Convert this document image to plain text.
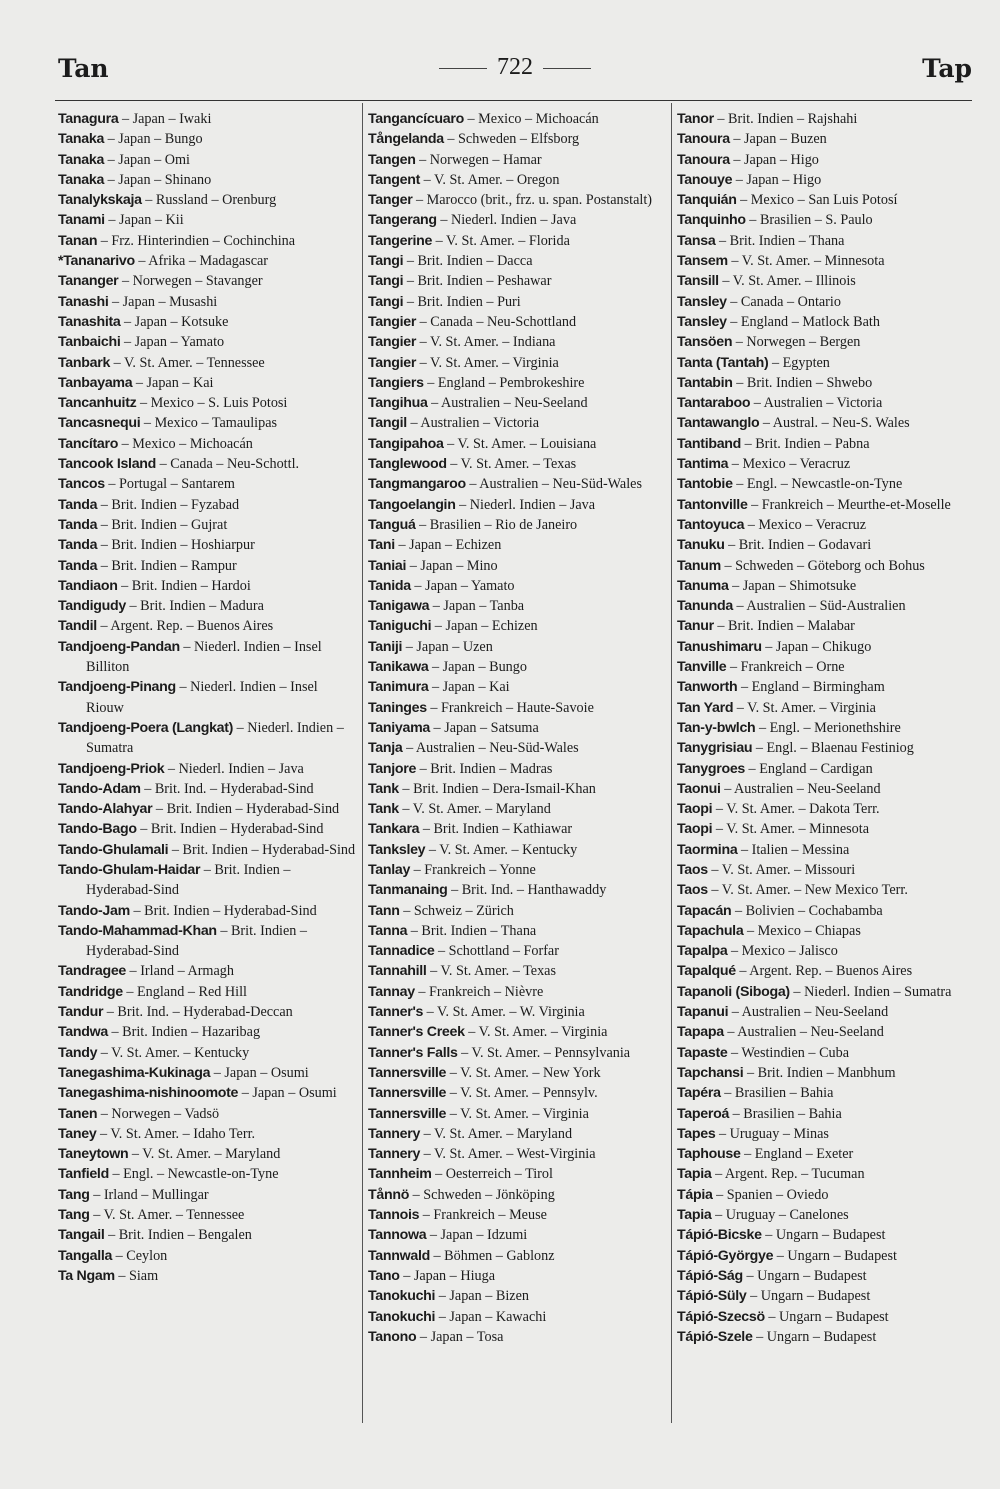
Tan	722	Tap
Tanagura – Japan – Iwaki
Tanaka – Japan – Bungo
Tanaka – Japan – Omi
Tanaka – Japan – Shinano
Tanalykskaja – Russland – Orenburg
Tanami – Japan – Kii
Tanan – Frz. Hinterindien – Cochinchina
*Tananarivo – Afrika – Madagascar
Tananger – Norwegen – Stavanger
Tanashi – Japan – Musashi
Tanashita – Japan – Kotsuke
Tanbaichi – Japan – Yamato
Tanbark – V. St. Amer. – Tennessee
Tanbayama – Japan – Kai
Tancanhuitz – Mexico – S. Luis Potosi
Tancasnequi – Mexico – Tamaulipas
Tancítaro – Mexico – Michoacán
Tancook Island – Canada – Neu-Schottl.
Tancos – Portugal – Santarem
Tanda – Brit. Indien – Fyzabad
Tanda – Brit. Indien – Gujrat
Tanda – Brit. Indien – Hoshiarpur
Tanda – Brit. Indien – Rampur
Tandiaon – Brit. Indien – Hardoi
Tandigudy – Brit. Indien – Madura
Tandil – Argent. Rep. – Buenos Aires
Tandjoeng-Pandan – Niederl. Indien – Insel Billiton
Tandjoeng-Pinang – Niederl. Indien – Insel Riouw
Tandjoeng-Poera (Langkat) – Niederl. Indien – Sumatra
Tandjoeng-Priok – Niederl. Indien – Java
Tando-Adam – Brit. Ind. – Hyderabad-Sind
Tando-Alahyar – Brit. Indien – Hyderabad-Sind
Tando-Bago – Brit. Indien – Hyderabad-Sind
Tando-Ghulamali – Brit. Indien – Hyderabad-Sind
Tando-Ghulam-Haidar – Brit. Indien – Hyderabad-Sind
Tando-Jam – Brit. Indien – Hyderabad-Sind
Tando-Mahammad-Khan – Brit. Indien – Hyderabad-Sind
Tandragee – Irland – Armagh
Tandridge – England – Red Hill
Tandur – Brit. Ind. – Hyderabad-Deccan
Tandwa – Brit. Indien – Hazaribag
Tandy – V. St. Amer. – Kentucky
Tanegashima-Kukinaga – Japan – Osumi
Tanegashima-nishinoomote – Japan – Osumi
Tanen – Norwegen – Vadsö
Taney – V. St. Amer. – Idaho Terr.
Taneytown – V. St. Amer. – Maryland
Tanfield – Engl. – Newcastle-on-Tyne
Tang – Irland – Mullingar
Tang – V. St. Amer. – Tennessee
Tangail – Brit. Indien – Bengalen
Tangalla – Ceylon
Ta Ngam – Siam
Tangancícuaro – Mexico – Michoacán
Tångelanda – Schweden – Elfsborg
Tangen – Norwegen – Hamar
Tangent – V. St. Amer. – Oregon
Tanger – Marocco (brit., frz. u. span. Postanstalt)
Tangerang – Niederl. Indien – Java
Tangerine – V. St. Amer. – Florida
Tangi – Brit. Indien – Dacca
Tangi – Brit. Indien – Peshawar
Tangi – Brit. Indien – Puri
Tangier – Canada – Neu-Schottland
Tangier – V. St. Amer. – Indiana
Tangier – V. St. Amer. – Virginia
Tangiers – England – Pembrokeshire
Tangihua – Australien – Neu-Seeland
Tangil – Australien – Victoria
Tangipahoa – V. St. Amer. – Louisiana
Tanglewood – V. St. Amer. – Texas
Tangmangaroo – Australien – Neu-Süd-Wales
Tangoelangin – Niederl. Indien – Java
Tanguá – Brasilien – Rio de Janeiro
Tani – Japan – Echizen
Taniai – Japan – Mino
Tanida – Japan – Yamato
Tanigawa – Japan – Tanba
Taniguchi – Japan – Echizen
Taniji – Japan – Uzen
Tanikawa – Japan – Bungo
Tanimura – Japan – Kai
Taninges – Frankreich – Haute-Savoie
Taniyama – Japan – Satsuma
Tanja – Australien – Neu-Süd-Wales
Tanjore – Brit. Indien – Madras
Tank – Brit. Indien – Dera-Ismail-Khan
Tank – V. St. Amer. – Maryland
Tankara – Brit. Indien – Kathiawar
Tanksley – V. St. Amer. – Kentucky
Tanlay – Frankreich – Yonne
Tanmanaing – Brit. Ind. – Hanthawaddy
Tann – Schweiz – Zürich
Tanna – Brit. Indien – Thana
Tannadice – Schottland – Forfar
Tannahill – V. St. Amer. – Texas
Tannay – Frankreich – Nièvre
Tanner's – V. St. Amer. – W. Virginia
Tanner's Creek – V. St. Amer. – Virginia
Tanner's Falls – V. St. Amer. – Pennsylvania
Tannersville – V. St. Amer. – New York
Tannersville – V. St. Amer. – Pennsylv.
Tannersville – V. St. Amer. – Virginia
Tannery – V. St. Amer. – Maryland
Tannery – V. St. Amer. – West-Virginia
Tannheim – Oesterreich – Tirol
Tånnö – Schweden – Jönköping
Tannois – Frankreich – Meuse
Tannowa – Japan – Idzumi
Tannwald – Böhmen – Gablonz
Tano – Japan – Hiuga
Tanokuchi – Japan – Bizen
Tanokuchi – Japan – Kawachi
Tanono – Japan – Tosa
Tanor – Brit. Indien – Rajshahi
Tanoura – Japan – Buzen
Tanoura – Japan – Higo
Tanouye – Japan – Higo
Tanquián – Mexico – San Luis Potosí
Tanquinho – Brasilien – S. Paulo
Tansa – Brit. Indien – Thana
Tansem – V. St. Amer. – Minnesota
Tansill – V. St. Amer. – Illinois
Tansley – Canada – Ontario
Tansley – England – Matlock Bath
Tansöen – Norwegen – Bergen
Tanta (Tantah) – Egypten
Tantabin – Brit. Indien – Shwebo
Tantaraboo – Australien – Victoria
Tantawanglo – Austral. – Neu-S. Wales
Tantiband – Brit. Indien – Pabna
Tantima – Mexico – Veracruz
Tantobie – Engl. – Newcastle-on-Tyne
Tantonville – Frankreich – Meurthe-et-Moselle
Tantoyuca – Mexico – Veracruz
Tanuku – Brit. Indien – Godavari
Tanum – Schweden – Göteborg och Bohus
Tanuma – Japan – Shimotsuke
Tanunda – Australien – Süd-Australien
Tanur – Brit. Indien – Malabar
Tanushimaru – Japan – Chikugo
Tanville – Frankreich – Orne
Tanworth – England – Birmingham
Tan Yard – V. St. Amer. – Virginia
Tan-y-bwlch – Engl. – Merionethshire
Tanygrisiau – Engl. – Blaenau Festiniog
Tanygroes – England – Cardigan
Taonui – Australien – Neu-Seeland
Taopi – V. St. Amer. – Dakota Terr.
Taopi – V. St. Amer. – Minnesota
Taormina – Italien – Messina
Taos – V. St. Amer. – Missouri
Taos – V. St. Amer. – New Mexico Terr.
Tapacán – Bolivien – Cochabamba
Tapachula – Mexico – Chiapas
Tapalpa – Mexico – Jalisco
Tapalqué – Argent. Rep. – Buenos Aires
Tapanoli (Siboga) – Niederl. Indien – Sumatra
Tapanui – Australien – Neu-Seeland
Tapapa – Australien – Neu-Seeland
Tapaste – Westindien – Cuba
Tapchansi – Brit. Indien – Manbhum
Tapéra – Brasilien – Bahia
Taperoá – Brasilien – Bahia
Tapes – Uruguay – Minas
Taphouse – England – Exeter
Tapia – Argent. Rep. – Tucuman
Tápia – Spanien – Oviedo
Tapia – Uruguay – Canelones
Tápió-Bicske – Ungarn – Budapest
Tápió-Györgye – Ungarn – Budapest
Tápió-Ság – Ungarn – Budapest
Tápió-Süly – Ungarn – Budapest
Tápió-Szecsö – Ungarn – Budapest
Tápió-Szele – Ungarn – Budapest
